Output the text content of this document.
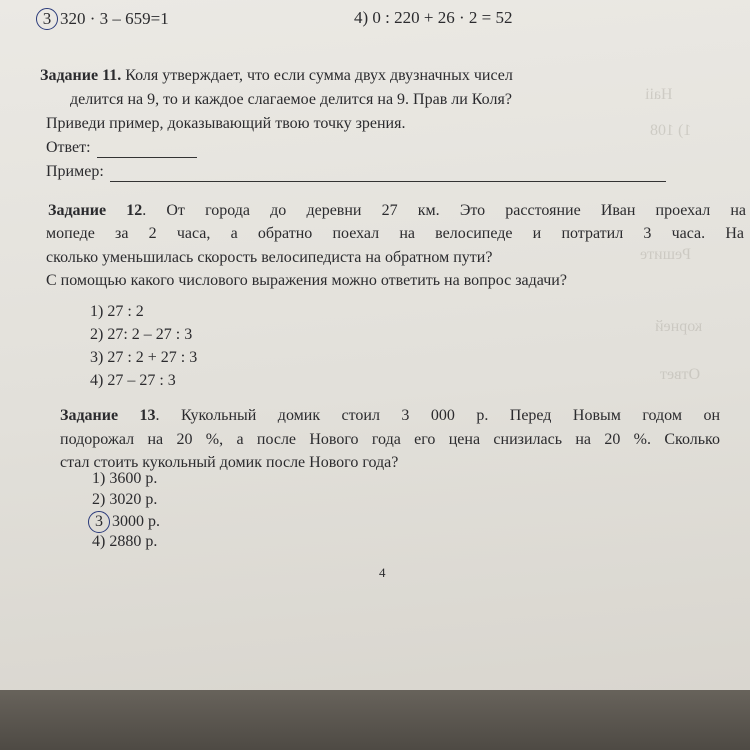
Haii
1) 108
Peшите
корней
Ответ
3 320 · 3 – 659=1	4) 0 : 220 + 26 · 2 = 52
Задание 11. Коля утверждает, что если сумма двух двузначных чисел
делится на 9, то и каждое слагаемое делится на 9. Прав ли Коля?
Приведи пример, доказывающий твою точку зрения.
Ответ:
Пример:
Задание 12. От города до деревни 27 км. Это расстояние Иван проехал на
мопеде за 2 часа, а обратно поехал на велосипеде и потратил 3 часа. На
сколько уменьшилась скорость велосипедиста на обратном пути?
С помощью какого числового выражения можно ответить на вопрос задачи?
1) 27 : 2
2) 27: 2 – 27 : 3
3) 27 : 2 + 27 : 3
4) 27 – 27 : 3
Задание 13. Кукольный домик стоил 3 000 р. Перед Новым годом он
подорожал на 20 %, а после Нового года его цена снизилась на 20 %. Сколько
стал стоить кукольный домик после Нового года?
1) 3600 р.
2) 3020 р.
3 3000 р.
4) 2880 р.
4
